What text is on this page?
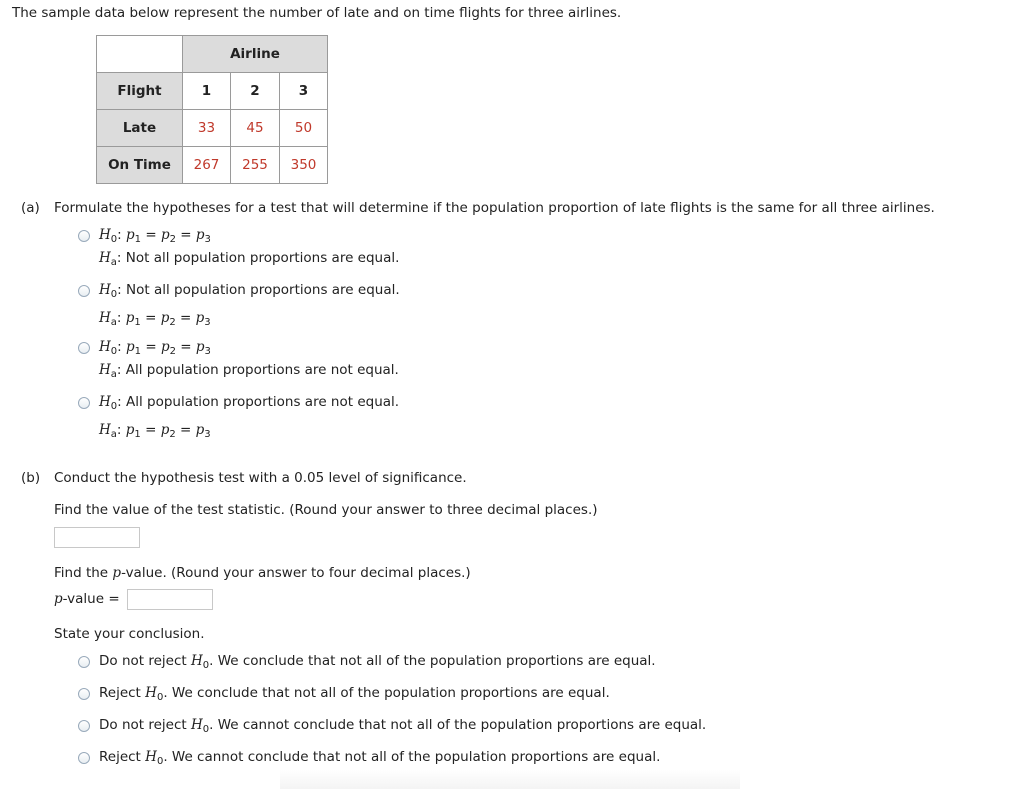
The sample data below represent the number of late and on time flights for three airlines.
	Airline		
Flight	1	2	3
Late	33	45	50
On Time	267	255	350
(a) Formulate the hypotheses for a test that will determine if the population proportion of late flights is the same for all three airlines.
$H_0$: $p_1 = p_2 = p_3$
$H_a$: Not all population proportions are equal.
$H_0$: Not all population proportions are equal.
$H_a$: $p_1 = p_2 = p_3$
$H_0$: $p_1 = p_2 = p_3$
$H_a$: All population proportions are not equal.
$H_0$: All population proportions are not equal.
$H_a$: $p_1 = p_2 = p_3$
(b) Conduct the hypothesis test with a 0.05 level of significance.
Find the value of the test statistic. (Round your answer to three decimal places.)
Find the p-value. (Round your answer to four decimal places.)
p-value =
State your conclusion.
Do not reject $H_0$. We conclude that not all of the population proportions are equal.
Reject $H_0$. We conclude that not all of the population proportions are equal.
Do not reject $H_0$. We cannot conclude that not all of the population proportions are equal.
Reject $H_0$. We cannot conclude that not all of the population proportions are equal.
